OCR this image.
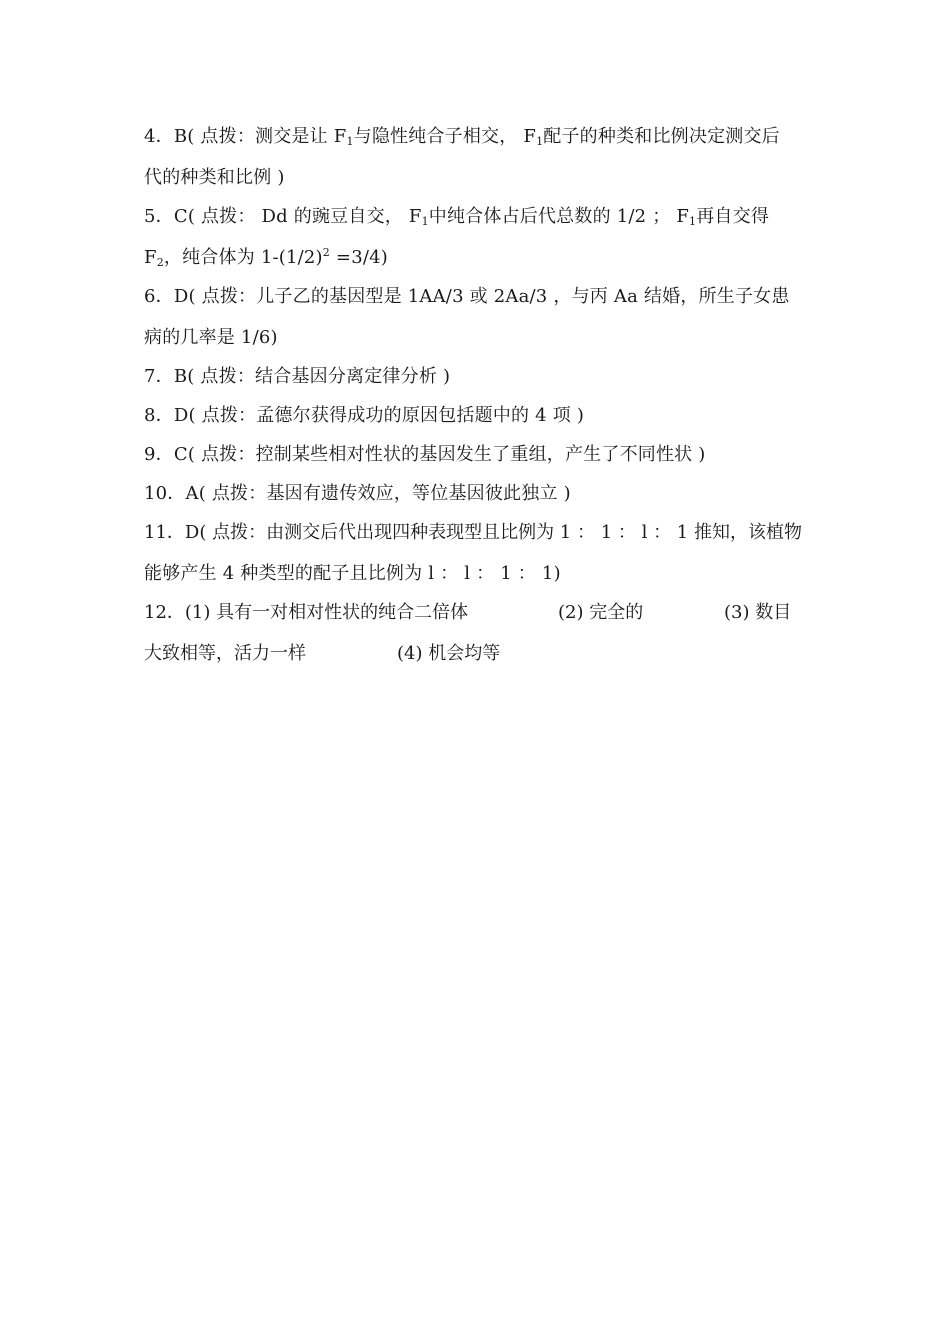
4．B( 点拨：测交是让 $F_1$与隐性纯合子相交， $F_1$配子的种类和比例决定测交后
代的种类和比例 )
5．C( 点拨： Dd 的豌豆自交， $F_1$中纯合体占后代总数的 1/2 ； $F_1$再自交得
$F_2$，纯合体为 $1-(1/2)^2 =3/4$)
6．D( 点拨：儿子乙的基因型是 1AA/3 或 2Aa/3 ，与丙 Aa 结婚，所生子女患
病的几率是 1/6)
7．B( 点拨：结合基因分离定律分析 )
8．D( 点拨：孟德尔获得成功的原因包括题中的 4 项 )
9．C( 点拨：控制某些相对性状的基因发生了重组，产生了不同性状 )
10．A( 点拨：基因有遗传效应，等位基因彼此独立 )
11．D( 点拨：由测交后代出现四种表现型且比例为 1 ： 1 ： l ： 1 推知，该植物
能够产生 4 种类型的配子且比例为 l ： l ： 1 ： 1)
12．(1) 具有一对相对性状的纯合二倍体	(2) 完全的	(3) 数目
大致相等，活力一样	(4) 机会均等
